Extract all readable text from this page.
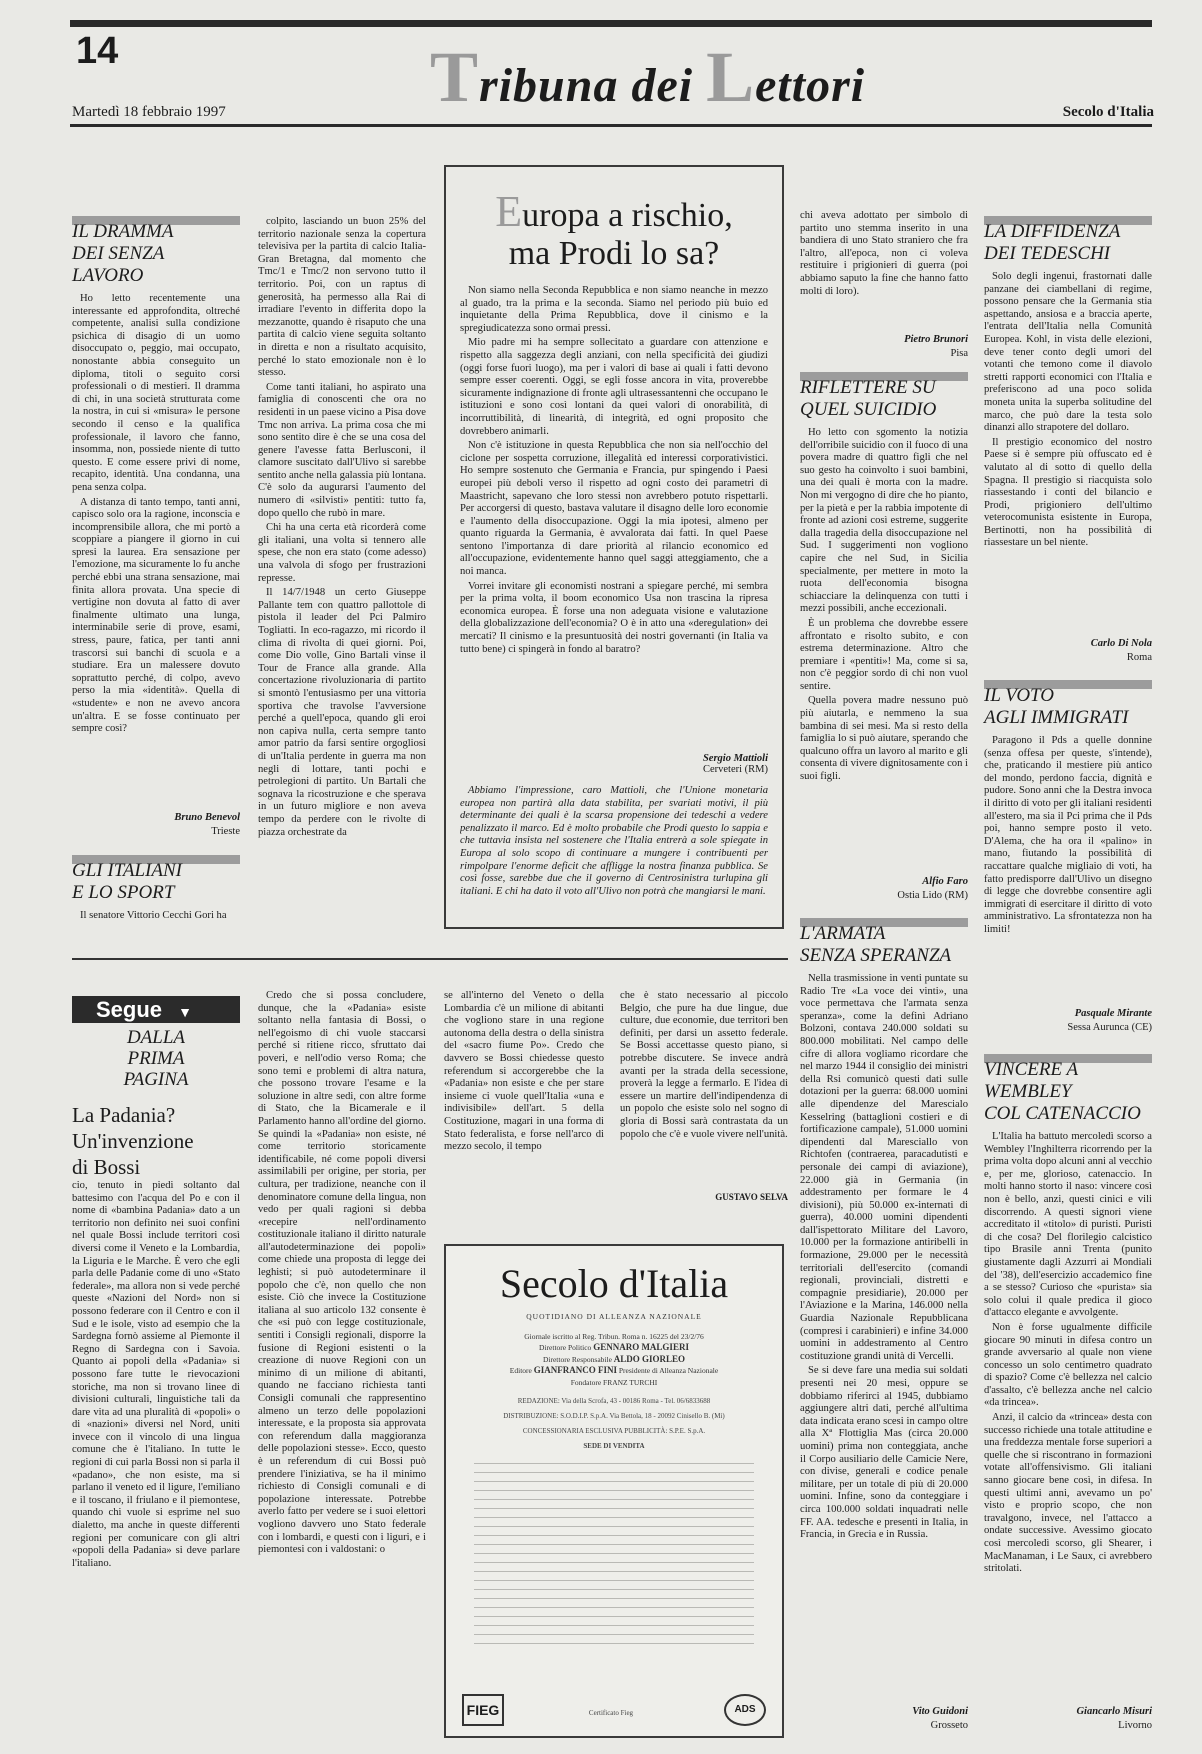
14	Tribuna dei Lettori
Martedì 18 febbraio 1997	Secolo d'Italia
IL DRAMMA
DEI SENZA LAVORO

Ho letto recentemente una interessante ed approfondita, oltreché competente, analisi sulla condizione psichica di disagio di un uomo disoccupato o, peggio, mai occupato, nonostante abbia conseguito un diploma, titoli o seguito corsi professionali o di mestieri. Il dramma di chi, in una società strutturata come la nostra, in cui si «misura» le persone secondo il censo e la qualifica professionale, il lavoro che fanno, insomma, non, possiede niente di tutto questo. E come essere privi di nome, recapito, identità. Una condanna, una pena senza colpa.

A distanza di tanto tempo, tanti anni, capisco solo ora la ragione, inconscia e incomprensibile allora, che mi portò a scoppiare a piangere il giorno in cui spresi la laurea. Era sensazione per l'emozione, ma sicuramente lo fu anche perché ebbi una strana sensazione, mai finita allora provata. Una specie di vertigine non dovuta al fatto di aver finalmente ultimato una lunga, interminabile serie di prove, esami, stress, paure, fatica, per tanti anni trascorsi sui banchi di scuola e a studiare. Era un malessere dovuto soprattutto perché, di colpo, avevo perso la mia «identità». Quella di «studente» e non ne avevo ancora un'altra. E se fosse continuato per sempre così?

colpito, lasciando un buon 25% del territorio nazionale senza la copertura televisiva per la partita di calcio Italia-Gran Bretagna, dal momento che Tmc/1 e Tmc/2 non servono tutto il territorio. Poi, con un raptus di generosità, ha permesso alla Rai di irradiare l'evento in differita dopo la mezzanotte, quando è risaputo che una partita di calcio viene seguita soltanto in diretta e non a risultato acquisito, perché lo stato emozionale non è lo stesso.

Come tanti italiani, ho aspirato una famiglia di conoscenti che ora no residenti in un paese vicino a Pisa dove Tmc non arriva. La prima cosa che mi sono sentito dire è che se una cosa del genere l'avesse fatta Berlusconi, il clamore suscitato dall'Ulivo si sarebbe sentito anche nella galassia più lontana. C'è solo da augurarsi l'aumento del numero di «silvisti» pentiti: tutto fa, dopo quello che rubò in mare.

Chi ha una certa età ricorderà come gli italiani, una volta si tennero alle spese, che non era stato (come adesso) una valvola di sfogo per frustrazioni represse.

Il 14/7/1948 un certo Giuseppe Pallante tem con quattro pallottole di pistola il leader del Pci Palmiro Togliatti. In eco-ragazzo, mi ricordo il clima di rivolta di quei giorni. Poi, come Dio volle, Gino Bartali vinse il Tour de France alla grande. Alla concertazione rivoluzionaria di partito si smontò l'entusiasmo per una vittoria sportiva che travolse l'avversione perché a quell'epoca, quando gli eroi non capiva nulla, certa sempre tanto amor patrio da farsi sentire orgogliosi di un'Italia perdente in guerra ma non negli di lottare, tanti pochi e petrolegioni di partito. Un Bartali che sognava la ricostruzione e che sperava in un futuro migliore e non aveva tempo da perdere con le rivolte di piazza orchestrate da

Bruno Benevol
Trieste
GLI ITALIANI
E LO SPORT

Il senatore Vittorio Cecchi Gori ha

Europa a rischio,
ma Prodi lo sa?

Non siamo nella Seconda Repubblica e non siamo neanche in mezzo al guado, tra la prima e la seconda. Siamo nel periodo più buio ed inquietante della Prima Repubblica, dove il cinismo e la spregiudicatezza sono ormai pressi.

Mio padre mi ha sempre sollecitato a guardare con attenzione e rispetto alla saggezza degli anziani, con nella specificità dei giudizi (oggi forse fuori luogo), ma per i valori di base ai quali i fatti devono sempre esser coerenti. Oggi, se egli fosse ancora in vita, proverebbe sicuramente indignazione di fronte agli ultrasessantenni che occupano le istituzioni e sono così lontani da quei valori di onorabilità, di incorruttibilità, di linearità, di integrità, ed ogni proposito che dovrebbero animarli.

Non c'è istituzione in questa Repubblica che non sia nell'occhio del ciclone per sospetta corruzione, illegalità ed interessi corporativistici. Ho sempre sostenuto che Germania e Francia, pur spingendo i Paesi europei più deboli verso il rispetto ad ogni costo dei parametri di Maastricht, sapevano che loro stessi non avrebbero potuto rispettarli. Per accorgersi di questo, bastava valutare il disagno delle loro economie e l'aumento della disoccupazione. Oggi la mia ipotesi, almeno per quanto riguarda la Germania, è avvalorata dai fatti. In quel Paese sentono l'importanza di dare priorità al rilancio economico ed all'occupazione, evidentemente hanno quel saggi atteggiamento, che a noi manca.

Vorrei invitare gli economisti nostrani a spiegare perché, mi sembra per la prima volta, il boom economico Usa non trascina la ripresa economica europea. È forse una non adeguata visione e valutazione della globalizzazione dell'economia? O è in atto una «deregulation» dei mercati? Il cinismo e la presuntuosità dei nostri governanti (in Italia va tutto bene) ci spingerà in fondo al baratro?

Sergio Mattioli
Cerveteri (RM)

Abbiamo l'impressione, caro Mattioli, che l'Unione monetaria europea non partirà alla data stabilita, per svariati motivi, il più determinante dei quali è la scarsa propensione dei tedeschi a vedere penalizzato il marco. Ed è molto probabile che Prodi questo lo sappia e che tuttavia insista nel sostenere che l'Italia entrerà a sole spiegate in Europa al solo scopo di continuare a mungere i contribuenti per rimpolpare l'enorme deficit che affligge la nostra finanza pubblica. Se così fosse, sarebbe due che il governo di Centrosinistra turlupina gli italiani. E chi ha dato il voto all'Ulivo non potrà che mangiarsi le mani.

chi aveva adottato per simbolo di partito uno stemma inserito in una bandiera di uno Stato straniero che fra l'altro, all'epoca, non ci voleva restituire i prigionieri di guerra (poi abbiamo saputo la fine che hanno fatto molti di loro).

Pietro Brunori
Pisa
RIFLETTERE SU
QUEL SUICIDIO

Ho letto con sgomento la notizia dell'orribile suicidio con il fuoco di una povera madre di quattro figli che nel suo gesto ha coinvolto i suoi bambini, una dei quali è morta con la madre. Non mi vergogno di dire che ho pianto, per la pietà e per la rabbia impotente di fronte ad azioni così estreme, suggerite dalla tragedia della disoccupazione nel Sud. I suggerimenti non vogliono capire che nel Sud, in Sicilia specialmente, per mettere in moto la ruota dell'economia bisogna schiacciare la delinquenza con tutti i mezzi possibili, anche eccezionali.

È un problema che dovrebbe essere affrontato e risolto subito, e con estrema determinazione. Altro che premiare i «pentiti»! Ma, come si sa, non c'è peggior sordo di chi non vuol sentire.

Quella povera madre nessuno può più aiutarla, e nemmeno la sua bambina di sei mesi. Ma si resto della famiglia lo si può aiutare, sperando che qualcuno offra un lavoro al marito e gli consenta di vivere dignitosamente con i suoi figli.

Alfio Faro
Ostia Lido (RM)
L'ARMATA
SENZA SPERANZA

Nella trasmissione in venti puntate su Radio Tre «La voce dei vinti», una voce permettava che l'armata senza speranza», come la definì Adriano Bolzoni, contava 240.000 soldati su 800.000 mobilitati. Nel campo delle cifre di allora vogliamo ricordare che nel marzo 1944 il consiglio dei ministri della Rsi comunicò questi dati sulle dotazioni per la guerra: 68.000 uomini alle dipendenze del Marescialo Kesselring (battaglioni costieri e di fortificazione campale), 51.000 uomini dipendenti dal Maresciallo von Richtofen (contraerea, paracadutisti e personale dei campi di aviazione), 22.000 già in Germania (in addestramento per formare le 4 divisioni), più 50.000 ex-internati di guerra), 40.000 uomini dipendenti dall'ispettorato Militare del Lavoro, 10.000 per la formazione antiribelli in formazione, 29.000 per le necessità territoriali dell'esercito (comandi regionali, provinciali, distretti e compagnie presidiarie), 20.000 per l'Aviazione e la Marina, 146.000 nella Guardia Nazionale Repubblicana (compresi i carabinieri) e infine 34.000 uomini in addestramento al Centro costituzione grandi unità di Vercelli.

Se si deve fare una media sui soldati presenti nei 20 mesi, oppure se dobbiamo riferirci al 1945, dubbiamo aggiungere altri dati, perché all'ultima data indicata erano scesi in campo oltre alla Xª Flottiglia Mas (circa 20.000 uomini) prima non conteggiata, anche il Corpo ausiliario delle Camicie Nere, con divise, generali e codice penale militare, per un totale di più di 20.000 uomini. Infine, sono da conteggiare i circa 100.000 soldati inquadrati nelle FF. AA. tedesche e presenti in Italia, in Francia, in Grecia e in Russia.

Vito Guidoni
Grosseto
LA DIFFIDENZA
DEI TEDESCHI

Solo degli ingenui, frastornati dalle panzane dei ciambellani di regime, possono pensare che la Germania stia aspettando, ansiosa e a braccia aperte, l'entrata dell'Italia nella Comunità Europea. Kohl, in vista delle elezioni, deve tener conto degli umori del votanti che temono come il diavolo stretti rapporti economici con l'Italia e preferiscono ad una poco solida moneta unita la superba solitudine del marco, che può dare la testa solo dinanzi allo strapotere del dollaro.

Il prestigio economico del nostro Paese si è sempre più offuscato ed è valutato al di sotto di quello della Spagna. Il prestigio si riacquista solo riassestando i conti del bilancio e Prodi, prigioniero dell'ultimo veterocomunista esistente in Europa, Bertinotti, non ha possibilità di riassestare un bel niente.

Carlo Di Nola
Roma
IL VOTO
AGLI IMMIGRATI

Paragono il Pds a quelle donnine (senza offesa per queste, s'intende), che, praticando il mestiere più antico del mondo, perdono faccia, dignità e pudore. Sono anni che la Destra invoca il diritto di voto per gli italiani residenti all'estero, ma sia il Pci prima che il Pds poi, hanno sempre posto il veto. D'Alema, che ha ora il «palino» in mano, fiutando la possibilità di raccattare qualche migliaio di voti, ha fatto predisporre dall'Ulivo un disegno di legge che dovrebbe consentire agli immigrati di esercitare il diritto di voto amministrativo. La sfrontatezza non ha limiti!

Pasquale Mirante
Sessa Aurunca (CE)
VINCERE A WEMBLEY
COL CATENACCIO

L'Italia ha battuto mercoledì scorso a Wembley l'Inghilterra ricorrendo per la prima volta dopo alcuni anni al vecchio e, per me, glorioso, catenaccio. In molti hanno storto il naso: vincere così non è bello, anzi, questi cinici e vili discorrendo. A questi signori viene accreditato il «titolo» di puristi. Puristi di che cosa? Del florilegio calcistico tipo Brasile anni Trenta (punito giustamente dagli Azzurri ai Mondiali del '38), dell'esercizio accademico fine a se stesso? Curioso che «purista» sia solo colui il quale predica il gioco d'attacco elegante e avvolgente.

Non è forse ugualmente difficile giocare 90 minuti in difesa contro un grande avversario al quale non viene concesso un solo centimetro quadrato di spazio? Come c'è bellezza nel calcio d'assalto, c'è bellezza anche nel calcio «da trincea».

Anzi, il calcio da «trincea» desta con successo richiede una totale attitudine e una freddezza mentale forse superiori a quelle che si riscontrano in formazioni votate all'offensivismo. Gli italiani sanno giocare bene così, in difesa. In questi ultimi anni, avevamo un po' visto e proprio scopo, che non travalgono, invece, nel l'attacco a ondate successive. Avessimo giocato così mercoledì scorso, gli Shearer, i MacManaman, i Le Saux, ci avrebbero stritolati.

Giancarlo Misuri
Livorno
Segue ▼
DALLA
PRIMA
PAGINA
La Padania?
Un'invenzione
di Bossi

cio, tenuto in piedi soltanto dal battesimo con l'acqua del Po e con il nome di «bambina Padania» dato a un territorio non definito nei suoi confini nel quale Bossi include territori così diversi come il Veneto e la Lombardia, la Liguria e le Marche. È vero che egli parla delle Padanie come di uno «Stato federale», ma allora non si vede perché queste «Nazioni del Nord» non si possono federare con il Centro e con il Sud e le isole, visto ad esempio che la Sardegna fornò assieme al Piemonte il Regno di Sardegna con i Savoia. Quanto ai popoli della «Padania» si possono fare tutte le rievocazioni storiche, ma non si trovano linee di divisioni culturali, linguistiche tali da dare vita ad una pluralità di «popoli» o di «nazioni» diversi nel Nord, uniti invece con il vincolo di una lingua comune che è l'italiano. In tutte le regioni di cui parla Bossi non si parla il «padano», che non esiste, ma si parlano il veneto ed il ligure, l'emiliano e il toscano, il friulano e il piemontese, quando chi vuole si esprime nel suo dialetto, ma anche in queste differenti regioni per comunicare con gli altri «popoli della Padania» si deve parlare l'italiano.

Credo che si possa concludere, dunque, che la «Padania» esiste soltanto nella fantasia di Bossi, o nell'egoismo di chi vuole staccarsi perché si ritiene ricco, sfruttato dai poveri, e nell'odio verso Roma; che sono temi e problemi di altra natura, che possono trovare l'esame e la soluzione in altre sedi, con altre forme di Stato, che la Bicamerale e il Parlamento hanno all'ordine del giorno. Se quindi la «Padania» non esiste, né come territorio storicamente identificabile, né come popoli diversi assimilabili per origine, per storia, per cultura, per tradizione, neanche con il denominatore comune della lingua, non vedo per quali ragioni si debba «recepire nell'ordinamento costituzionale italiano il diritto naturale all'autodeterminazione dei popoli» come chiede una proposta di legge dei leghisti; si può autodeterminare il popolo che c'è, non quello che non esiste. Ciò che invece la Costituzione italiana al suo articolo 132 consente è che «si può con legge costituzionale, sentiti i Consigli regionali, disporre la fusione di Regioni esistenti o la creazione di nuove Regioni con un minimo di un milione di abitanti, quando ne facciano richiesta tanti Consigli comunali che rappresentino almeno un terzo delle popolazioni interessate, e la proposta sia approvata con referendum dalla maggioranza delle popolazioni stesse». Ecco, questo è un referendum di cui Bossi può prendere l'iniziativa, se ha il minimo richiesto di Consigli comunali e di popolazione interessate. Potrebbe averlo fatto per vedere se i suoi elettori vogliono davvero uno Stato federale con i lombardi, e questi con i liguri, e i piemontesi con i valdostani: o

se all'interno del Veneto o della Lombardia c'è un milione di abitanti che vogliono stare in una regione autonoma della destra o della sinistra del «sacro fiume Po». Credo che davvero se Bossi chiedesse questo referendum si accorgerebbe che la «Padania» non esiste e che per stare insieme ci vuole quell'Italia «una e indivisibile» dell'art. 5 della Costituzione, magari in una forma di Stato federalista, e forse nell'arco di mezzo secolo, il tempo

che è stato necessario al piccolo Belgio, che pure ha due lingue, due culture, due economie, due territori ben definiti, per darsi un assetto federale. Se Bossi accettasse questo piano, si potrebbe discutere. Se invece andrà avanti per la strada della secessione, proverà la legge a fermarlo. E l'idea di essere un martire dell'indipendenza di un popolo che esiste solo nel sogno di gloria di Bossi sarà contrastata da un popolo che c'è e vuole vivere nell'unità.

GUSTAVO SELVA
Secolo d'Italia
QUOTIDIANO DI ALLEANZA NAZIONALE
Giornale iscritto al Reg. Tribun. Roma n. 16225 del 23/2/76
Direttore Politico GENNARO MALGIERI
Direttore Responsabile ALDO GIORLEO
Editore GIANFRANCO FINI Presidente di Alleanza Nazionale
Fondatore FRANZ TURCHI
REDAZIONE: Via della Scrofa, 43 - 00186 Roma - Tel. 06/6833688
DISTRIBUZIONE: S.O.D.I.P. S.p.A. Via Bettola, 18 - 20092 Cinisello B. (Mi)
CONCESSIONARIA ESCLUSIVA PUBBLICITÀ: S.P.E. S.p.A.
SEDE DI VENDITA
FIEG	Certificato Fieg	ADS
